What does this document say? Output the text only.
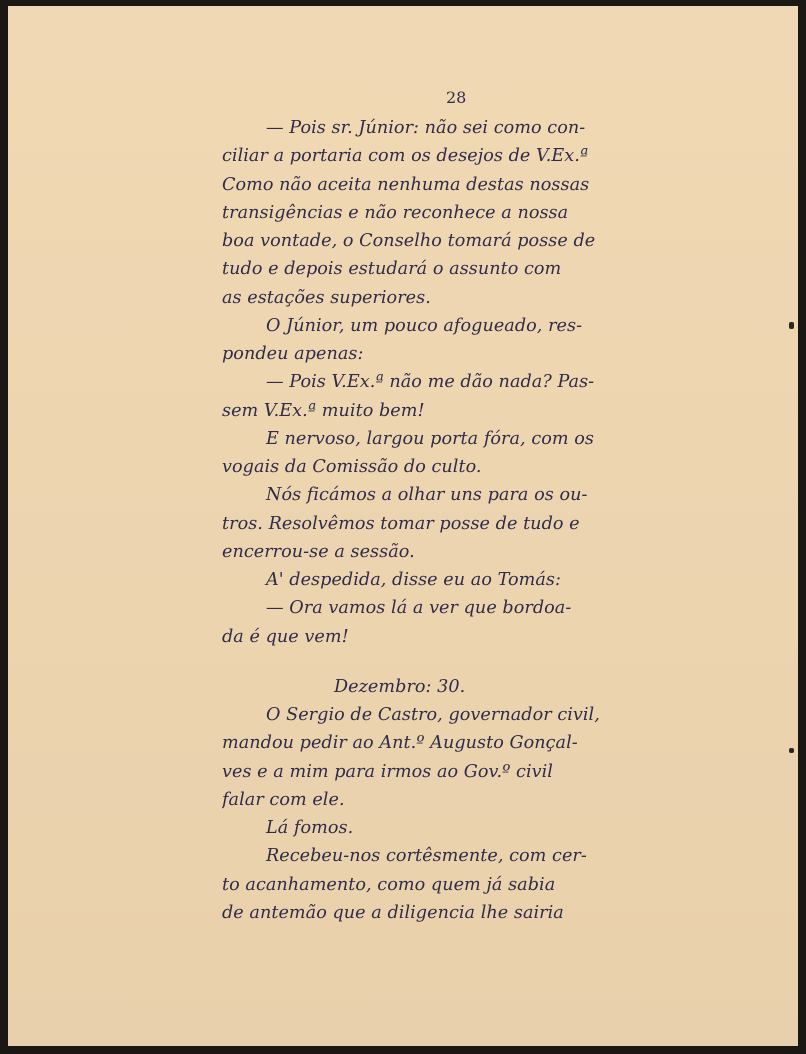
28
— Pois sr. Júnior: não sei como con-
ciliar a portaria com os desejos de V.Ex.ª
Como não aceita nenhuma destas nossas
transigências e não reconhece a nossa
boa vontade, o Conselho tomará posse de
tudo e depois estudará o assunto com
as estações superiores.
O Júnior, um pouco afogueado, res-
pondeu apenas:
— Pois V.Ex.ª não me dão nada? Pas-
sem V.Ex.ª muito bem!
E nervoso, largou porta fóra, com os
vogais da Comissão do culto.
Nós ficámos a olhar uns para os ou-
tros. Resolvêmos tomar posse de tudo e
encerrou-se a sessão.
A' despedida, disse eu ao Tomás:
— Ora vamos lá a ver que bordoa-
da é que vem!
Dezembro: 30.
O Sergio de Castro, governador civil,
mandou pedir ao Ant.º Augusto Gonçal-
ves e a mim para irmos ao Gov.º civil
falar com ele.
Lá fomos.
Recebeu-nos cortêsmente, com cer-
to acanhamento, como quem já sabia
de antemão que a diligencia lhe sairia
